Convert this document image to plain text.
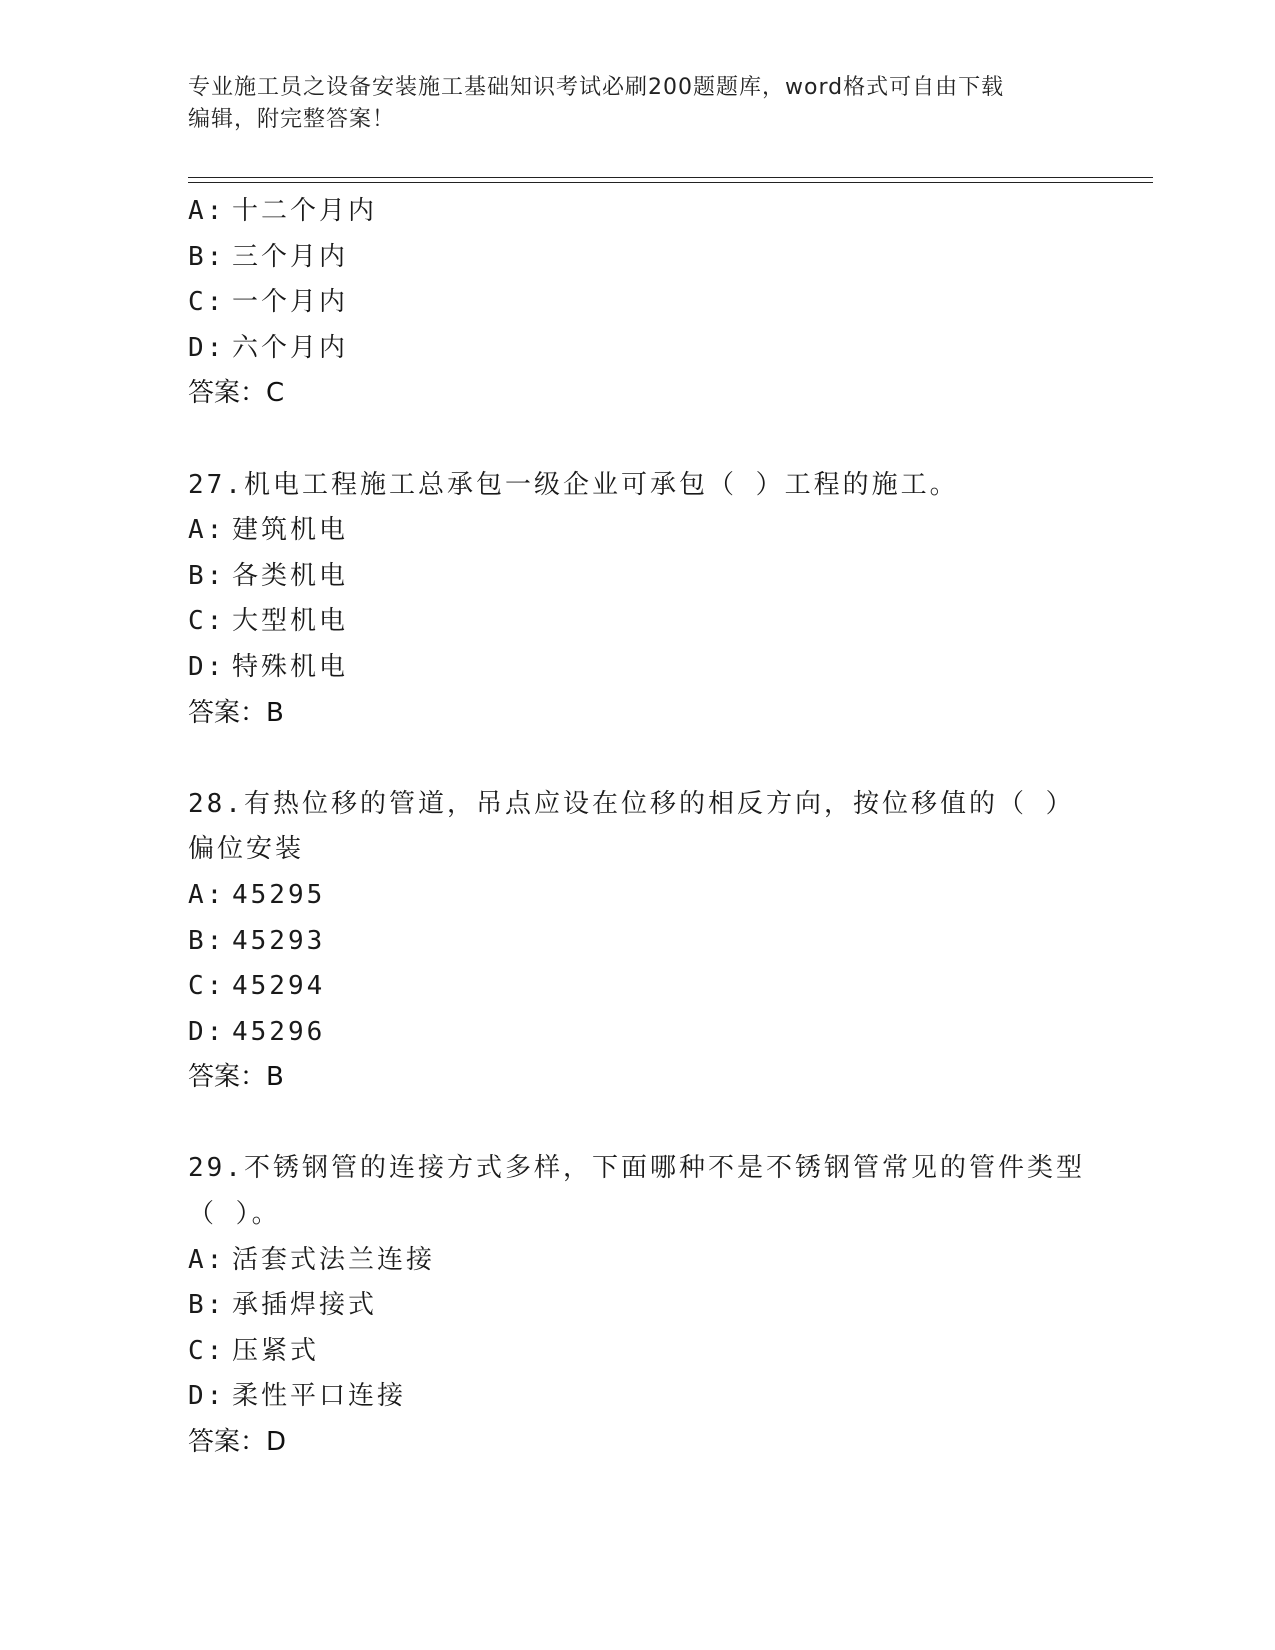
专业施工员之设备安装施工基础知识考试必刷200题题库，word格式可自由下载
编辑，附完整答案！
A: 十二个月内
B: 三个月内
C: 一个月内
D: 六个月内
答案：C
27.机电工程施工总承包一级企业可承包（ ）工程的施工。
A: 建筑机电
B: 各类机电
C: 大型机电
D: 特殊机电
答案：B
28.有热位移的管道，吊点应设在位移的相反方向，按位移值的（ ）
偏位安装
A: 45295
B: 45293
C: 45294
D: 45296
答案：B
29.不锈钢管的连接方式多样，下面哪种不是不锈钢管常见的管件类型
（ ）。
A: 活套式法兰连接
B: 承插焊接式
C: 压紧式
D: 柔性平口连接
答案：D
